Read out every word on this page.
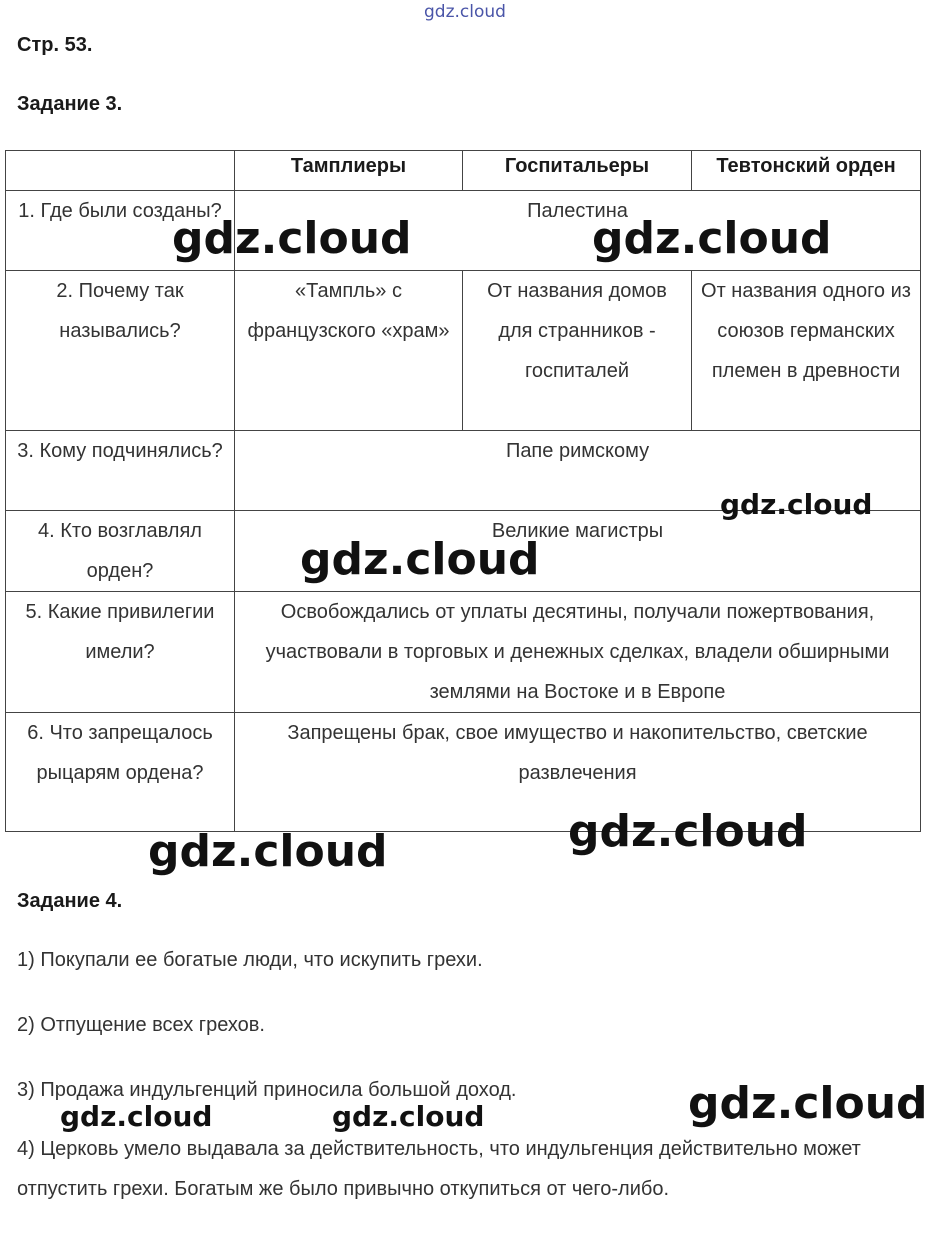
gdz.cloud
Стр. 53.
Задание 3.
	Тамплиеры	Госпитальеры	Тевтонский орден
1. Где были созданы?	Палестина		
2. Почему так назывались?	«Тампль» с французского «храм»	От названия домов для странников - госпиталей	От названия одного из союзов германских племен в древности
3. Кому подчинялись?	Папе римскому		
4. Кто возглавлял орден?	Великие магистры		
5. Какие привилегии имели?	Освобождались от уплаты десятины, получали пожертвования, участвовали в торговых и денежных сделках, владели обширными землями на Востоке и в Европе		
6. Что запрещалось рыцарям ордена?	Запрещены брак, свое имущество и накопительство, светские развлечения		
Задание 4.
1) Покупали ее богатые люди, что искупить грехи.
2) Отпущение всех грехов.
3) Продажа индульгенций приносила большой доход.
4) Церковь умело выдавала за действительность, что индульгенция действительно может отпустить грехи. Богатым же было привычно откупиться от чего-либо.
gdz.cloud	gdz.cloud
gdz.cloud
gdz.cloud
gdz.cloud
gdz.cloud
gdz.cloud
gdz.cloud	gdz.cloud
